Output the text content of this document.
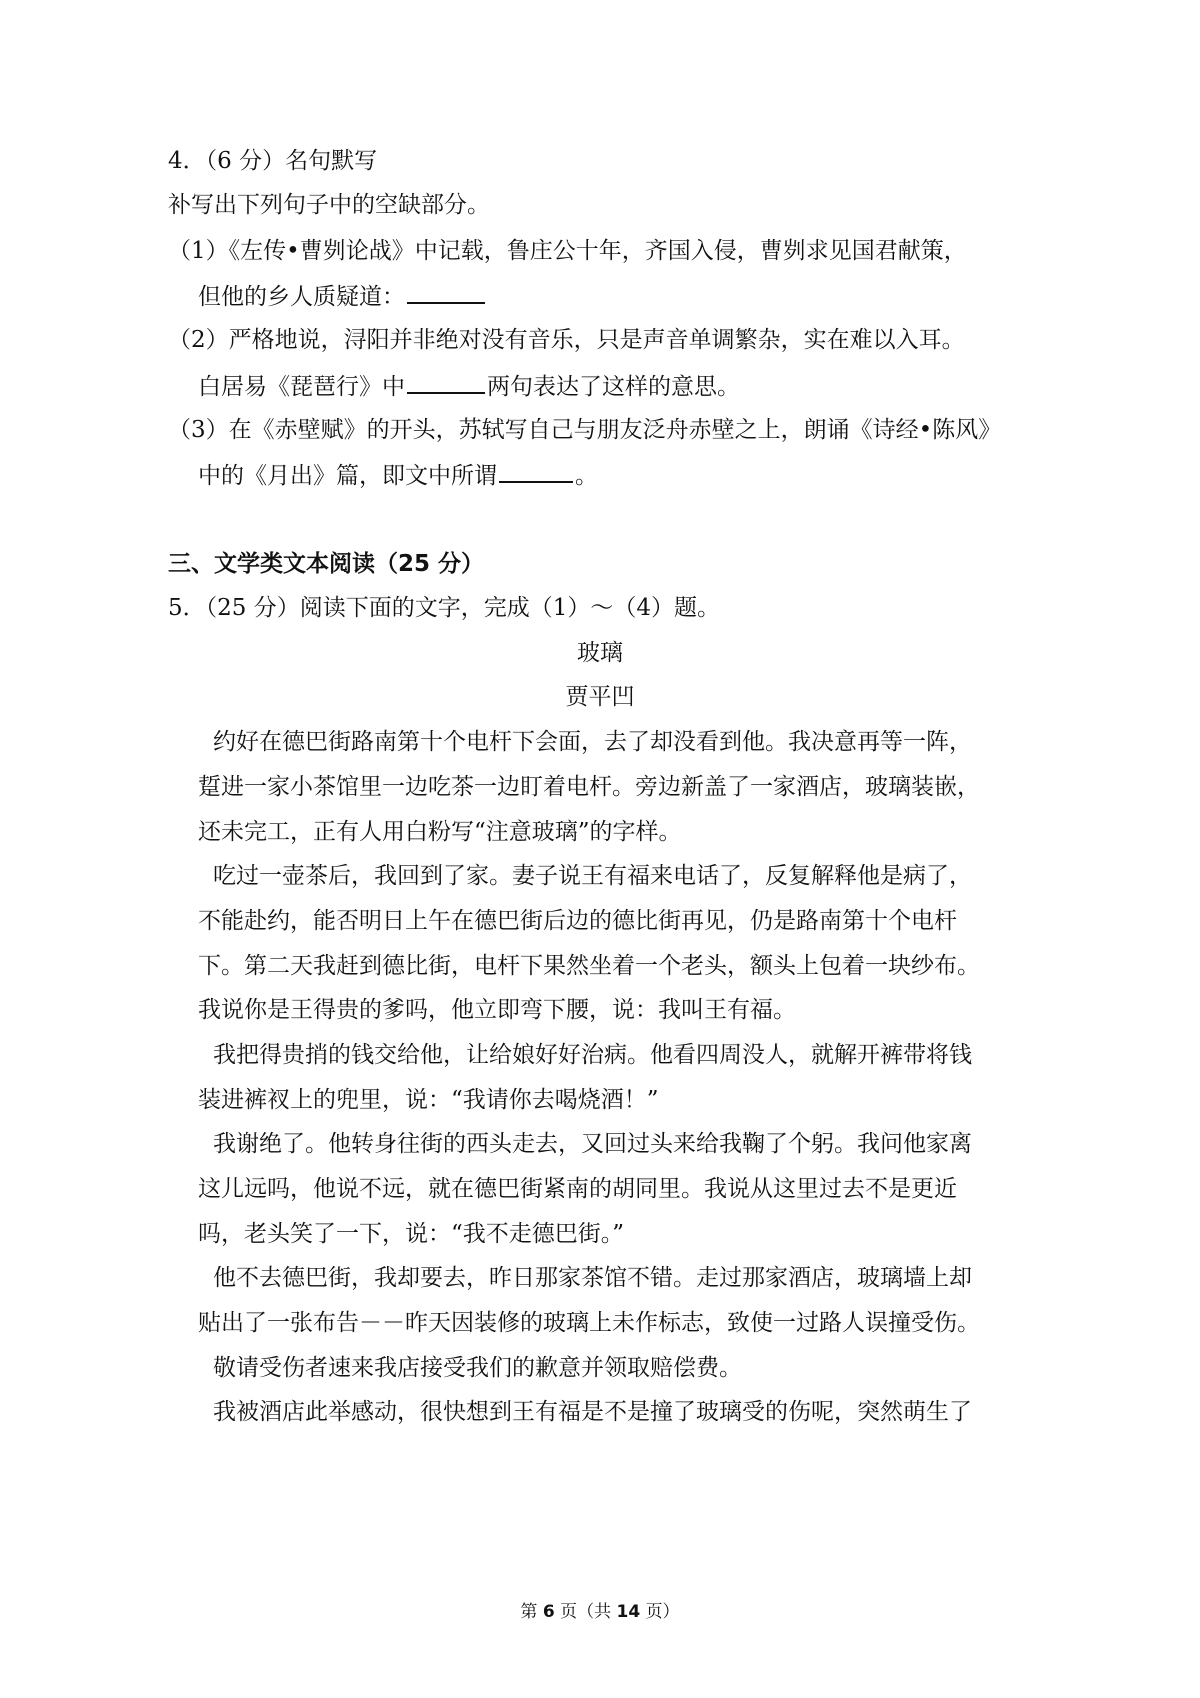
4．（6 分）名句默写
补写出下列句子中的空缺部分。
（1）《左传•曹刿论战》中记载，鲁庄公十年，齐国入侵，曹刿求见国君献策，
但他的乡人质疑道：
（2）严格地说，浔阳并非绝对没有音乐，只是声音单调繁杂，实在难以入耳。
白居易《琵琶行》中	两句表达了这样的意思。
（3）在《赤壁赋》的开头，苏轼写自己与朋友泛舟赤壁之上，朗诵《诗经•陈风》
中的《月出》篇，即文中所谓	。
三、文学类文本阅读（25 分）
5．（25 分）阅读下面的文字，完成（1）～（4）题。
玻璃
贾平凹
约好在德巴街路南第十个电杆下会面，去了却没看到他。我决意再等一阵，
踅进一家小茶馆里一边吃茶一边盯着电杆。旁边新盖了一家酒店，玻璃装嵌，
还未完工，正有人用白粉写“注意玻璃”的字样。
吃过一壶茶后，我回到了家。妻子说王有福来电话了，反复解释他是病了，
不能赴约，能否明日上午在德巴街后边的德比街再见，仍是路南第十个电杆
下。第二天我赶到德比街，电杆下果然坐着一个老头，额头上包着一块纱布。
我说你是王得贵的爹吗，他立即弯下腰，说：我叫王有福。
我把得贵捎的钱交给他，让给娘好好治病。他看四周没人，就解开裤带将钱
装进裤衩上的兜里，说：“我请你去喝烧酒！”
我谢绝了。他转身往街的西头走去，又回过头来给我鞠了个躬。我问他家离
这儿远吗，他说不远，就在德巴街紧南的胡同里。我说从这里过去不是更近
吗，老头笑了一下，说：“我不走德巴街。”
他不去德巴街，我却要去，昨日那家茶馆不错。走过那家酒店，玻璃墙上却
贴出了一张布告－－昨天因装修的玻璃上未作标志，致使一过路人误撞受伤。
敬请受伤者速来我店接受我们的歉意并领取赔偿费。
我被酒店此举感动，很快想到王有福是不是撞了玻璃受的伤呢，突然萌生了
第 6 页（共 14 页）
